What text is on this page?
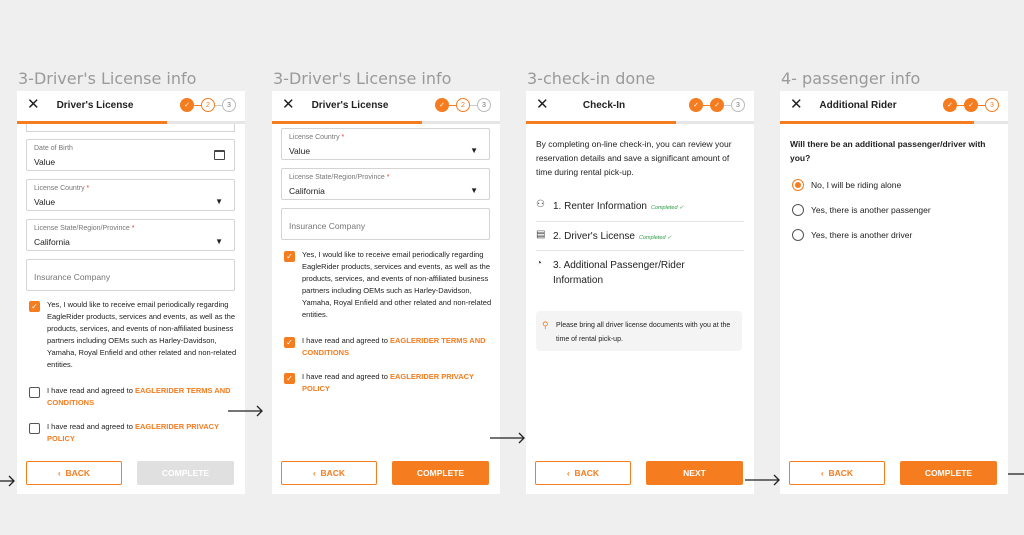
3-Driver's License info	3-Driver's License info	3-check-in done	4- passenger info
✕	Driver's License	✓	2	3
Date of Birth
Value
License Country *
Value	▼
License State/Region/Province *
California	▼
Insurance Company
✓ Yes, I would like to receive email periodically regarding EagleRider products, services and events, as well as the products, services, and events of non-affiliated business partners including OEMs such as Harley-Davidson, Yamaha, Royal Enfield and other related and non-related entities.
I have read and agreed to EAGLERIDER TERMS AND CONDITIONS
I have read and agreed to EAGLERIDER PRIVACY POLICY
‹ BACK	COMPLETE
✕	Driver's License	✓	2	3
License Country *
Value	▼
License State/Region/Province *
California	▼
Insurance Company
✓ Yes, I would like to receive email periodically regarding EagleRider products, services and events, as well as the products, services, and events of non-affiliated business partners including OEMs such as Harley-Davidson, Yamaha, Royal Enfield and other related and non-related entities.
✓ I have read and agreed to EAGLERIDER TERMS AND CONDITIONS
✓ I have read and agreed to EAGLERIDER PRIVACY POLICY
‹ BACK	COMPLETE
✕	Check-In	✓	✓	3
By completing on-line check-in, you can review your reservation details and save a significant amount of time during rental pick-up.
⚇ 1. Renter Information Completed ✓
▤ 2. Driver's License Completed ✓
◔ 3. Additional Passenger/Rider Information
⚲ Please bring all driver license documents with you at the time of rental pick-up.
‹ BACK	NEXT
✕	Additional Rider	✓	✓	3
Will there be an additional passenger/driver with you?
No, I will be riding alone
Yes, there is another passenger
Yes, there is another driver
‹ BACK	COMPLETE
